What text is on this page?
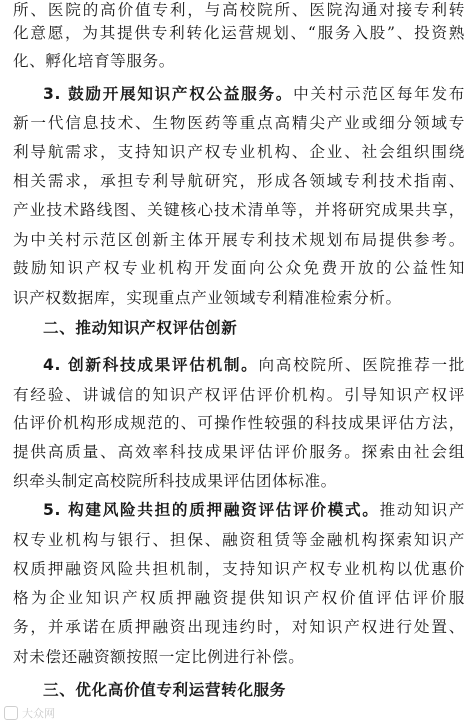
所、医院的高价值专利，与高校院所、医院沟通对接专利转
化意愿，为其提供专利转化运营规划、“服务入股”、投资熟
化、孵化培育等服务。
3. 鼓励开展知识产权公益服务。中关村示范区每年发布
新一代信息技术、生物医药等重点高精尖产业或细分领域专
利导航需求，支持知识产权专业机构、企业、社会组织围绕
相关需求，承担专利导航研究，形成各领域专利技术指南、
产业技术路线图、关键核心技术清单等，并将研究成果共享，
为中关村示范区创新主体开展专利技术规划布局提供参考。
鼓励知识产权专业机构开发面向公众免费开放的公益性知
识产权数据库，实现重点产业领域专利精准检索分析。
二、推动知识产权评估创新
4. 创新科技成果评估机制。向高校院所、医院推荐一批
有经验、讲诚信的知识产权评估评价机构。引导知识产权评
估评价机构形成规范的、可操作性较强的科技成果评估方法，
提供高质量、高效率科技成果评估评价服务。探索由社会组
织牵头制定高校院所科技成果评估团体标准。
5. 构建风险共担的质押融资评估评价模式。推动知识产
权专业机构与银行、担保、融资租赁等金融机构探索知识产
权质押融资风险共担机制，支持知识产权专业机构以优惠价
格为企业知识产权质押融资提供知识产权价值评估评价服
务，并承诺在质押融资出现违约时，对知识产权进行处置、
对未偿还融资额按照一定比例进行补偿。
三、优化高价值专利运营转化服务
大众网
